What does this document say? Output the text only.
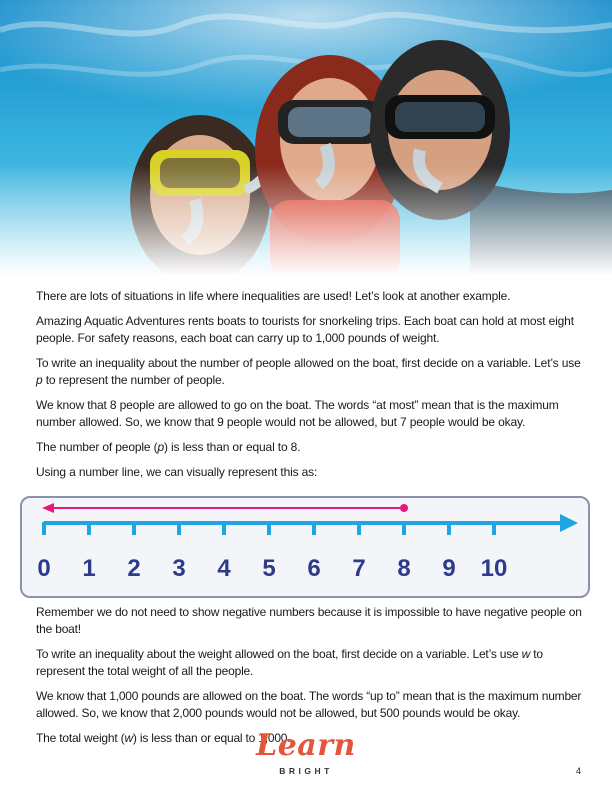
There are lots of situations in life where inequalities are used! Let’s look at another example.

Amazing Aquatic Adventures rents boats to tourists for snorkeling trips. Each boat can hold at most eight people. For safety reasons, each boat can carry up to 1,000 pounds of weight.

To write an inequality about the number of people allowed on the boat, first decide on a variable. Let’s use p to represent the number of people.

We know that 8 people are allowed to go on the boat. The words “at most” mean that is the maximum number allowed. So, we know that 9 people would not be allowed, but 7 people would be okay.

The number of people (p) is less than or equal to 8.

Using a number line, we can visually represent this as:

0 1 2 3 4 5 6 7 8 9 10

Remember we do not need to show negative numbers because it is impossible to have negative people on the boat!

To write an inequality about the weight allowed on the boat, first decide on a variable. Let’s use w to represent the total weight of all the people.

We know that 1,000 pounds are allowed on the boat. The words “up to” mean that is the maximum number allowed. So, we know that 2,000 pounds would not be allowed, but 500 pounds would be okay.

The total weight (w) is less than or equal to 1,000.

Learn
BRIGHT	4
